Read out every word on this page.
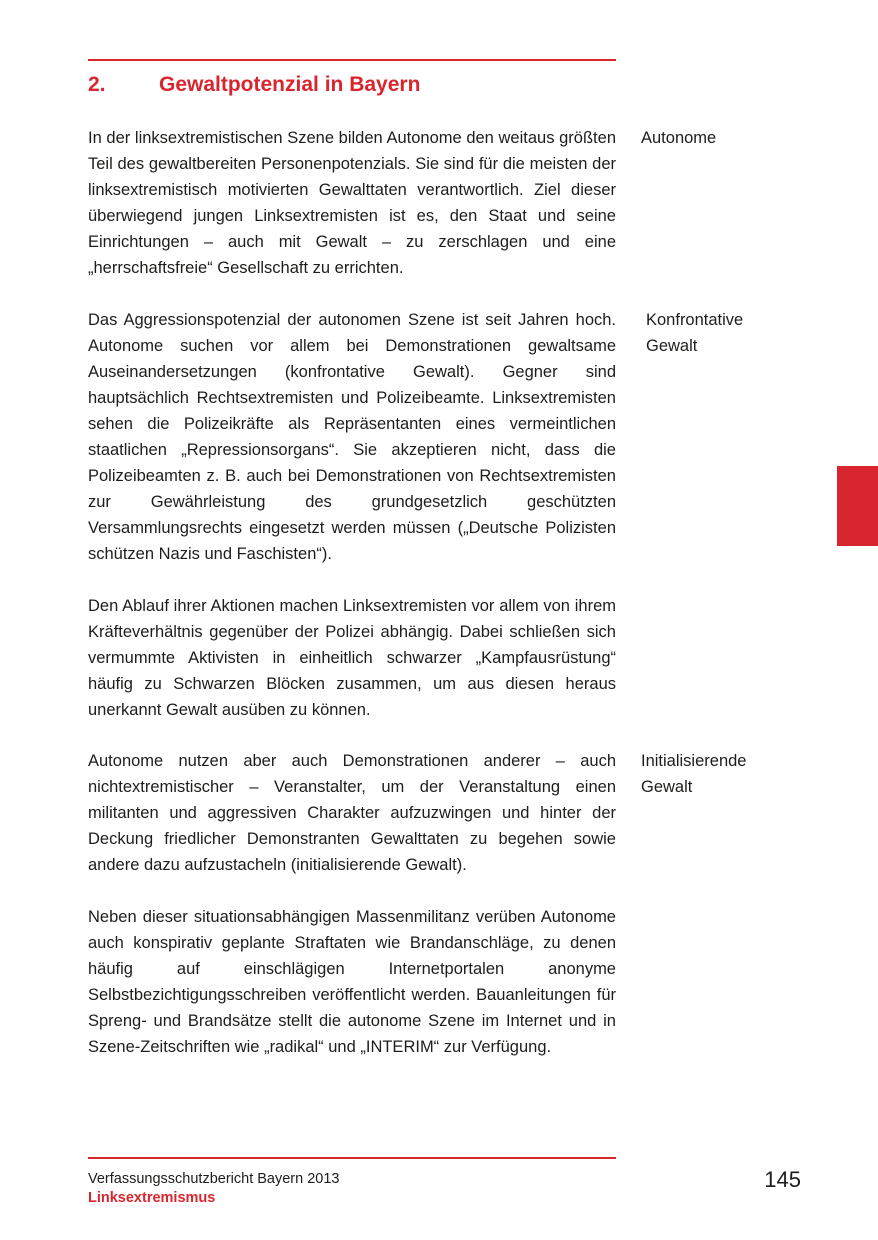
2.	Gewaltpotenzial in Bayern

In der linksextremistischen Szene bilden Autonome den weitaus größten Teil des gewaltbereiten Personenpotenzials. Sie sind für die meisten der linksextremistisch motivierten Gewalttaten verantwortlich. Ziel dieser überwiegend jungen Linksextremisten ist es, den Staat und seine Einrichtungen – auch mit Gewalt – zu zerschlagen und eine „herrschaftsfreie“ Gesellschaft zu errichten.

Autonome

Das Aggressionspotenzial der autonomen Szene ist seit Jahren hoch. Autonome suchen vor allem bei Demonstrationen gewaltsame Auseinandersetzungen (konfrontative Gewalt). Gegner sind hauptsächlich Rechtsextremisten und Polizeibeamte. Linksextremisten sehen die Polizeikräfte als Repräsentanten eines vermeintlichen staatlichen „Repressionsorgans“. Sie akzeptieren nicht, dass die Polizeibeamten z. B. auch bei Demonstrationen von Rechtsextremisten zur Gewährleistung des grundgesetzlich geschützten Versammlungsrechts eingesetzt werden müssen („Deutsche Polizisten schützen Nazis und Faschisten“).

Konfrontative Gewalt

Den Ablauf ihrer Aktionen machen Linksextremisten vor allem von ihrem Kräfteverhältnis gegenüber der Polizei abhängig. Dabei schließen sich vermummte Aktivisten in einheitlich schwarzer „Kampfausrüstung“ häufig zu Schwarzen Blöcken zusammen, um aus diesen heraus unerkannt Gewalt ausüben zu können.

Autonome nutzen aber auch Demonstrationen anderer – auch nichtextremistischer – Veranstalter, um der Veranstaltung einen militanten und aggressiven Charakter aufzuzwingen und hinter der Deckung friedlicher Demonstranten Gewalttaten zu begehen sowie andere dazu aufzustacheln (initialisierende Gewalt).

Initialisierende Gewalt

Neben dieser situationsabhängigen Massenmilitanz verüben Autonome auch konspirativ geplante Straftaten wie Brandanschläge, zu denen häufig auf einschlägigen Internetportalen anonyme Selbstbezichtigungsschreiben veröffentlicht werden. Bauanleitungen für Spreng- und Brandsätze stellt die autonome Szene im Internet und in Szene-Zeitschriften wie „radikal“ und „INTERIM“ zur Verfügung.

Verfassungsschutzbericht Bayern 2013
Linksextremismus
145
